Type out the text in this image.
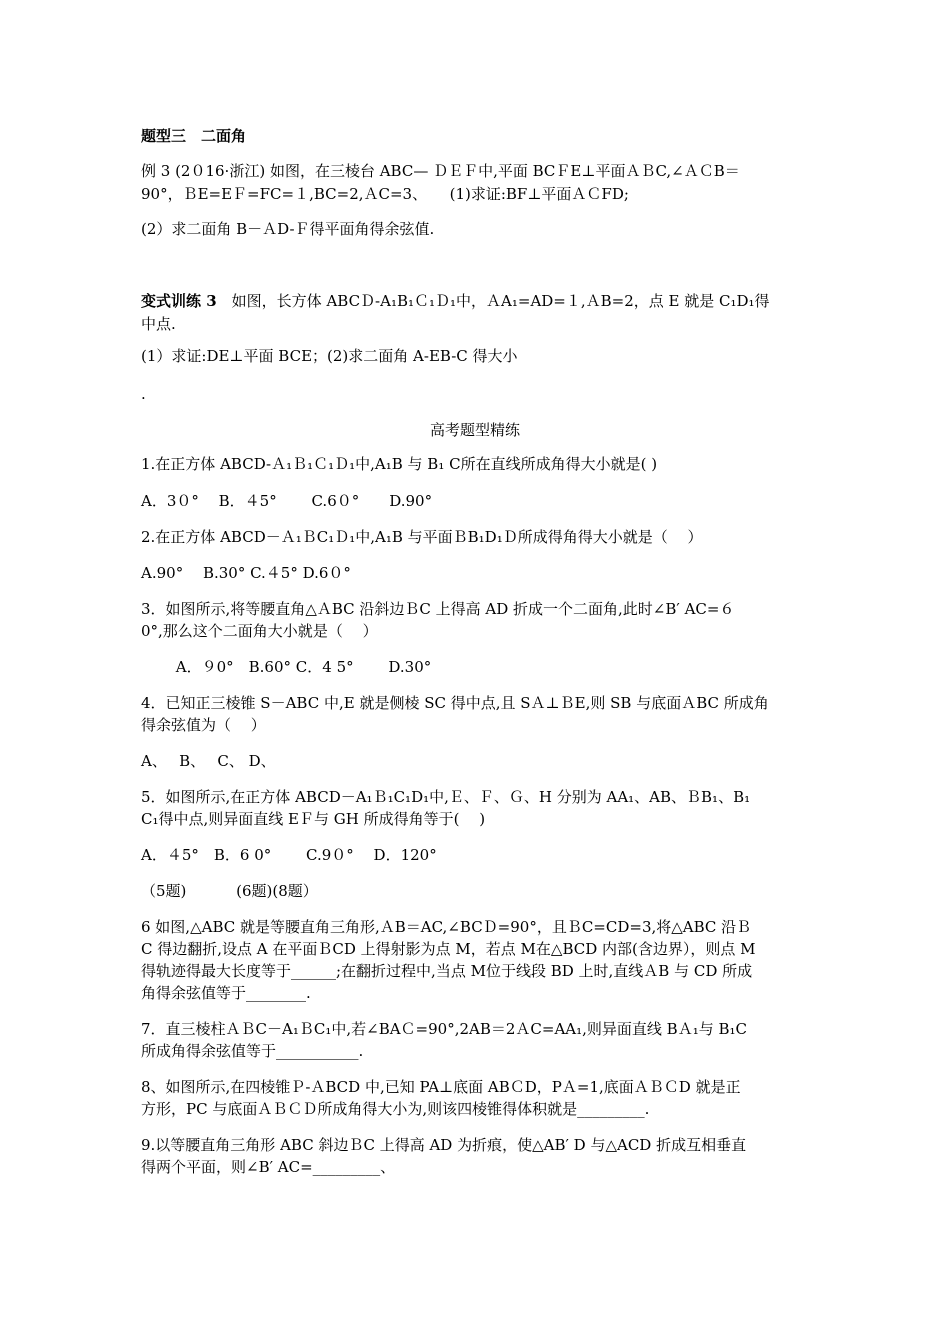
题型三　二面角

例 3 (2０16·浙江) 如图，在三棱台 ABC— ＤＥＦ中,平面 BCＦE⊥平面ＡＢC,∠ＡＣB＝

90°，ＢE=EＦ=FC=１,BC=2,ＡC=3、　　(1)求证:BF⊥平面ＡＣFD;

(2）求二面角 B－ＡD-Ｆ得平面角得余弦值.

变式训练 3　如图，长方体 ABCＤ-A₁B₁Ｃ₁Ｄ₁中，ＡA₁=AD=１,ＡB=2，点 E 就是 C₁D₁得

中点.

(1）求证:DE⊥平面 BCE；(2)求二面角 A-EB-C 得大小

.

高考题型精练

1.在正方体 ABCD-Ａ₁Ｂ₁Ｃ₁Ｄ₁中,A₁B 与 B₁ C所在直线所成角得大小就是( )

A．3０°　 B．４5°　　 C.6０°　　D.90°

2.在正方体 ABCD－Ａ₁ＢC₁Ｄ₁中,A₁B 与平面ＢB₁D₁Ｄ所成得角得大小就是（　 ）

A.90°　 B.30° C.４5° D.6０°

3．如图所示,将等腰直角△ＡBC 沿斜边ＢC 上得高 AD 折成一个二面角,此时∠B′ AC=６

0°,那么这个二面角大小就是（　 ）

　　 A．９0°　B.60° C．4 5°　　 D.30°

4．已知正三棱锥 S－ABC 中,E 就是侧棱 SC 得中点,且 SＡ⊥ＢE,则 SB 与底面ＡBC 所成角

得余弦值为（　 ）

A、　 B、　 C、 D、

5．如图所示,在正方体 ABCD－A₁Ｂ₁C₁D₁中,Ｅ、Ｆ、Ｇ、H 分别为 AA₁、AB、ＢB₁、B₁

C₁得中点,则异面直线 EＦ与 GH 所成得角等于(　 )

A．４5°　B．6 0°　　 C.9０°　 D．120°

（5题)　　　 (6题)(8题）

6 如图,△ABC 就是等腰直角三角形,ＡB＝AC,∠BCＤ=90°，且ＢC=CD=3,将△ABC 沿Ｂ

C 得边翻折,设点 A 在平面ＢCD 上得射影为点 M，若点 M在△BCD 内部(含边界），则点 M

得轨迹得最大长度等于______;在翻折过程中,当点 M位于线段 BD 上时,直线ＡB 与 CD 所成

角得余弦值等于________.

7．直三棱柱ＡＢC－A₁ＢC₁中,若∠BAＣ=90°,2AB＝2ＡC=AA₁,则异面直线 BＡ₁与 B₁C

所成角得余弦值等于___________.

8、如图所示,在四棱锥Ｐ-ＡBCD 中,已知 PA⊥底面 ABＣD，PＡ=1,底面ＡＢＣD 就是正

方形，PC 与底面ＡＢＣＤ所成角得大小为,则该四棱锥得体积就是_________.

9.以等腰直角三角形 ABC 斜边ＢC 上得高 AD 为折痕，使△AB′ D 与△ACD 折成互相垂直

得两个平面，则∠B′ AC=_________、
